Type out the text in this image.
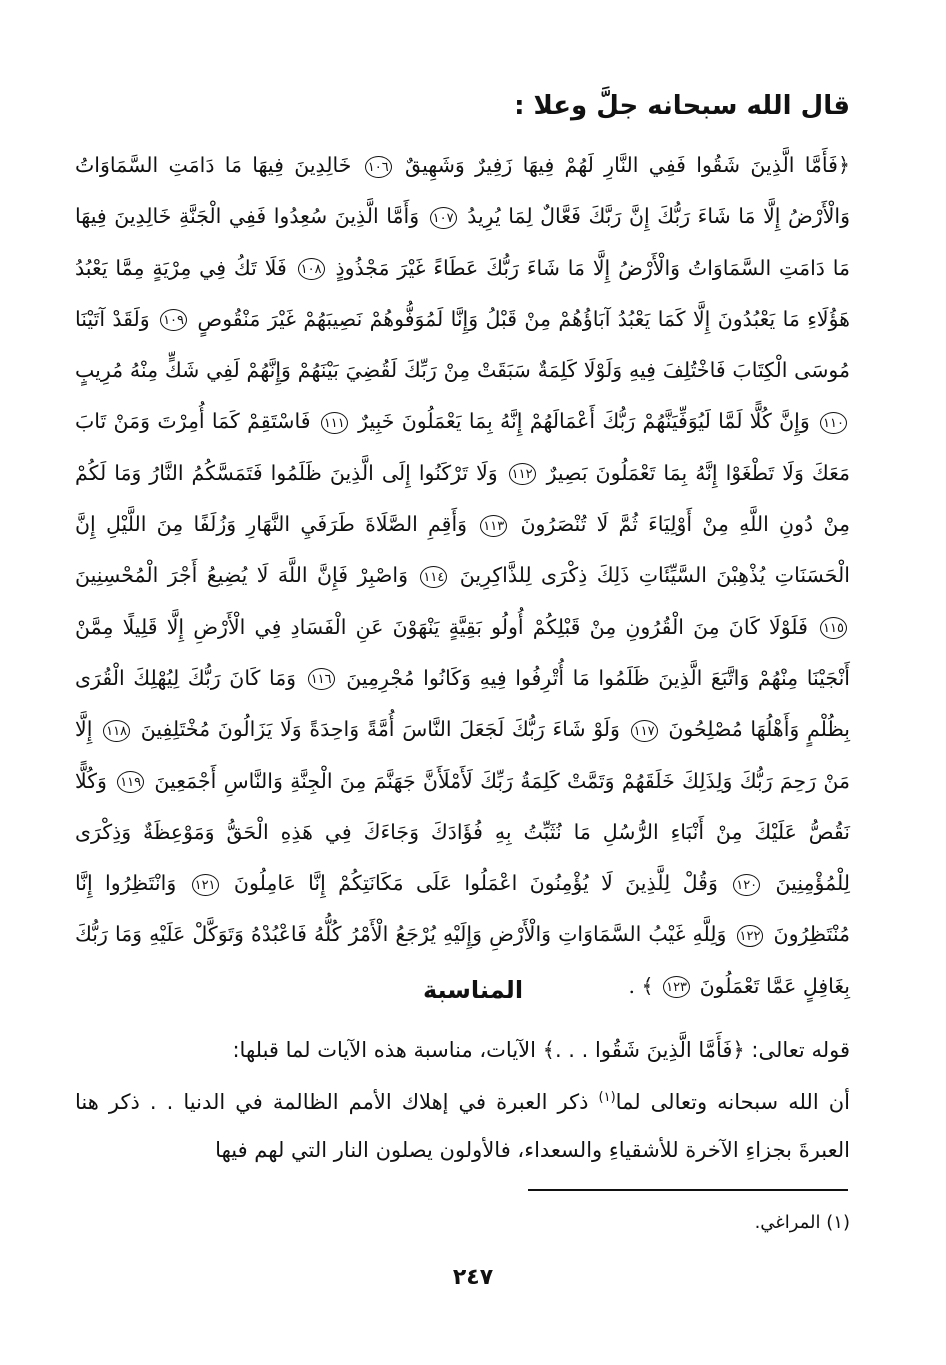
قال الله سبحانه جلَّ وعلا :
﴿فَأَمَّا الَّذِينَ شَقُوا فَفِي النَّارِ لَهُمْ فِيهَا زَفِيرٌ وَشَهِيقٌ ١٠٦ خَالِدِينَ فِيهَا مَا دَامَتِ السَّمَاوَاتُ وَالْأَرْضُ إِلَّا مَا شَاءَ رَبُّكَ إِنَّ رَبَّكَ فَعَّالٌ لِمَا يُرِيدُ ١٠٧ وَأَمَّا الَّذِينَ سُعِدُوا فَفِي الْجَنَّةِ خَالِدِينَ فِيهَا مَا دَامَتِ السَّمَاوَاتُ وَالْأَرْضُ إِلَّا مَا شَاءَ رَبُّكَ عَطَاءً غَيْرَ مَجْذُوذٍ ١٠٨ فَلَا تَكُ فِي مِرْيَةٍ مِمَّا يَعْبُدُ هَؤُلَاءِ مَا يَعْبُدُونَ إِلَّا كَمَا يَعْبُدُ آبَاؤُهُمْ مِنْ قَبْلُ وَإِنَّا لَمُوَفُّوهُمْ نَصِيبَهُمْ غَيْرَ مَنْقُوصٍ ١٠٩ وَلَقَدْ آتَيْنَا مُوسَى الْكِتَابَ فَاخْتُلِفَ فِيهِ وَلَوْلَا كَلِمَةٌ سَبَقَتْ مِنْ رَبِّكَ لَقُضِيَ بَيْنَهُمْ وَإِنَّهُمْ لَفِي شَكٍّ مِنْهُ مُرِيبٍ ١١٠ وَإِنَّ كُلًّا لَمَّا لَيُوَفِّيَنَّهُمْ رَبُّكَ أَعْمَالَهُمْ إِنَّهُ بِمَا يَعْمَلُونَ خَبِيرٌ ١١١ فَاسْتَقِمْ كَمَا أُمِرْتَ وَمَنْ تَابَ مَعَكَ وَلَا تَطْغَوْا إِنَّهُ بِمَا تَعْمَلُونَ بَصِيرٌ ١١٢ وَلَا تَرْكَنُوا إِلَى الَّذِينَ ظَلَمُوا فَتَمَسَّكُمُ النَّارُ وَمَا لَكُمْ مِنْ دُونِ اللَّهِ مِنْ أَوْلِيَاءَ ثُمَّ لَا تُنْصَرُونَ ١١٣ وَأَقِمِ الصَّلَاةَ طَرَفَيِ النَّهَارِ وَزُلَفًا مِنَ اللَّيْلِ إِنَّ الْحَسَنَاتِ يُذْهِبْنَ السَّيِّئَاتِ ذَلِكَ ذِكْرَى لِلذَّاكِرِينَ ١١٤ وَاصْبِرْ فَإِنَّ اللَّهَ لَا يُضِيعُ أَجْرَ الْمُحْسِنِينَ ١١٥ فَلَوْلَا كَانَ مِنَ الْقُرُونِ مِنْ قَبْلِكُمْ أُولُو بَقِيَّةٍ يَنْهَوْنَ عَنِ الْفَسَادِ فِي الْأَرْضِ إِلَّا قَلِيلًا مِمَّنْ أَنْجَيْنَا مِنْهُمْ وَاتَّبَعَ الَّذِينَ ظَلَمُوا مَا أُتْرِفُوا فِيهِ وَكَانُوا مُجْرِمِينَ ١١٦ وَمَا كَانَ رَبُّكَ لِيُهْلِكَ الْقُرَى بِظُلْمٍ وَأَهْلُهَا مُصْلِحُونَ ١١٧ وَلَوْ شَاءَ رَبُّكَ لَجَعَلَ النَّاسَ أُمَّةً وَاحِدَةً وَلَا يَزَالُونَ مُخْتَلِفِينَ ١١٨ إِلَّا مَنْ رَحِمَ رَبُّكَ وَلِذَلِكَ خَلَقَهُمْ وَتَمَّتْ كَلِمَةُ رَبِّكَ لَأَمْلَأَنَّ جَهَنَّمَ مِنَ الْجِنَّةِ وَالنَّاسِ أَجْمَعِينَ ١١٩ وَكُلًّا نَقُصُّ عَلَيْكَ مِنْ أَنْبَاءِ الرُّسُلِ مَا نُثَبِّتُ بِهِ فُؤَادَكَ وَجَاءَكَ فِي هَذِهِ الْحَقُّ وَمَوْعِظَةٌ وَذِكْرَى لِلْمُؤْمِنِينَ ١٢٠ وَقُلْ لِلَّذِينَ لَا يُؤْمِنُونَ اعْمَلُوا عَلَى مَكَانَتِكُمْ إِنَّا عَامِلُونَ ١٢١ وَانْتَظِرُوا إِنَّا مُنْتَظِرُونَ ١٢٢ وَلِلَّهِ غَيْبُ السَّمَاوَاتِ وَالْأَرْضِ وَإِلَيْهِ يُرْجَعُ الْأَمْرُ كُلُّهُ فَاعْبُدْهُ وَتَوَكَّلْ عَلَيْهِ وَمَا رَبُّكَ بِغَافِلٍ عَمَّا تَعْمَلُونَ ١٢٣ ﴾ .
المناسبة
قوله تعالى: ﴿فَأَمَّا الَّذِينَ شَقُوا . . .﴾ الآيات، مناسبة هذه الآيات لما قبلها:
أن الله سبحانه وتعالى لما$^{(١)}$ ذكر العبرة في إهلاك الأمم الظالمة في الدنيا . . ذكر هنا العبرةَ بجزاءِ الآخرة للأشقياءِ والسعداء، فالأولون يصلون النار التي لهم فيها
(١) المراغي.
٢٤٧
